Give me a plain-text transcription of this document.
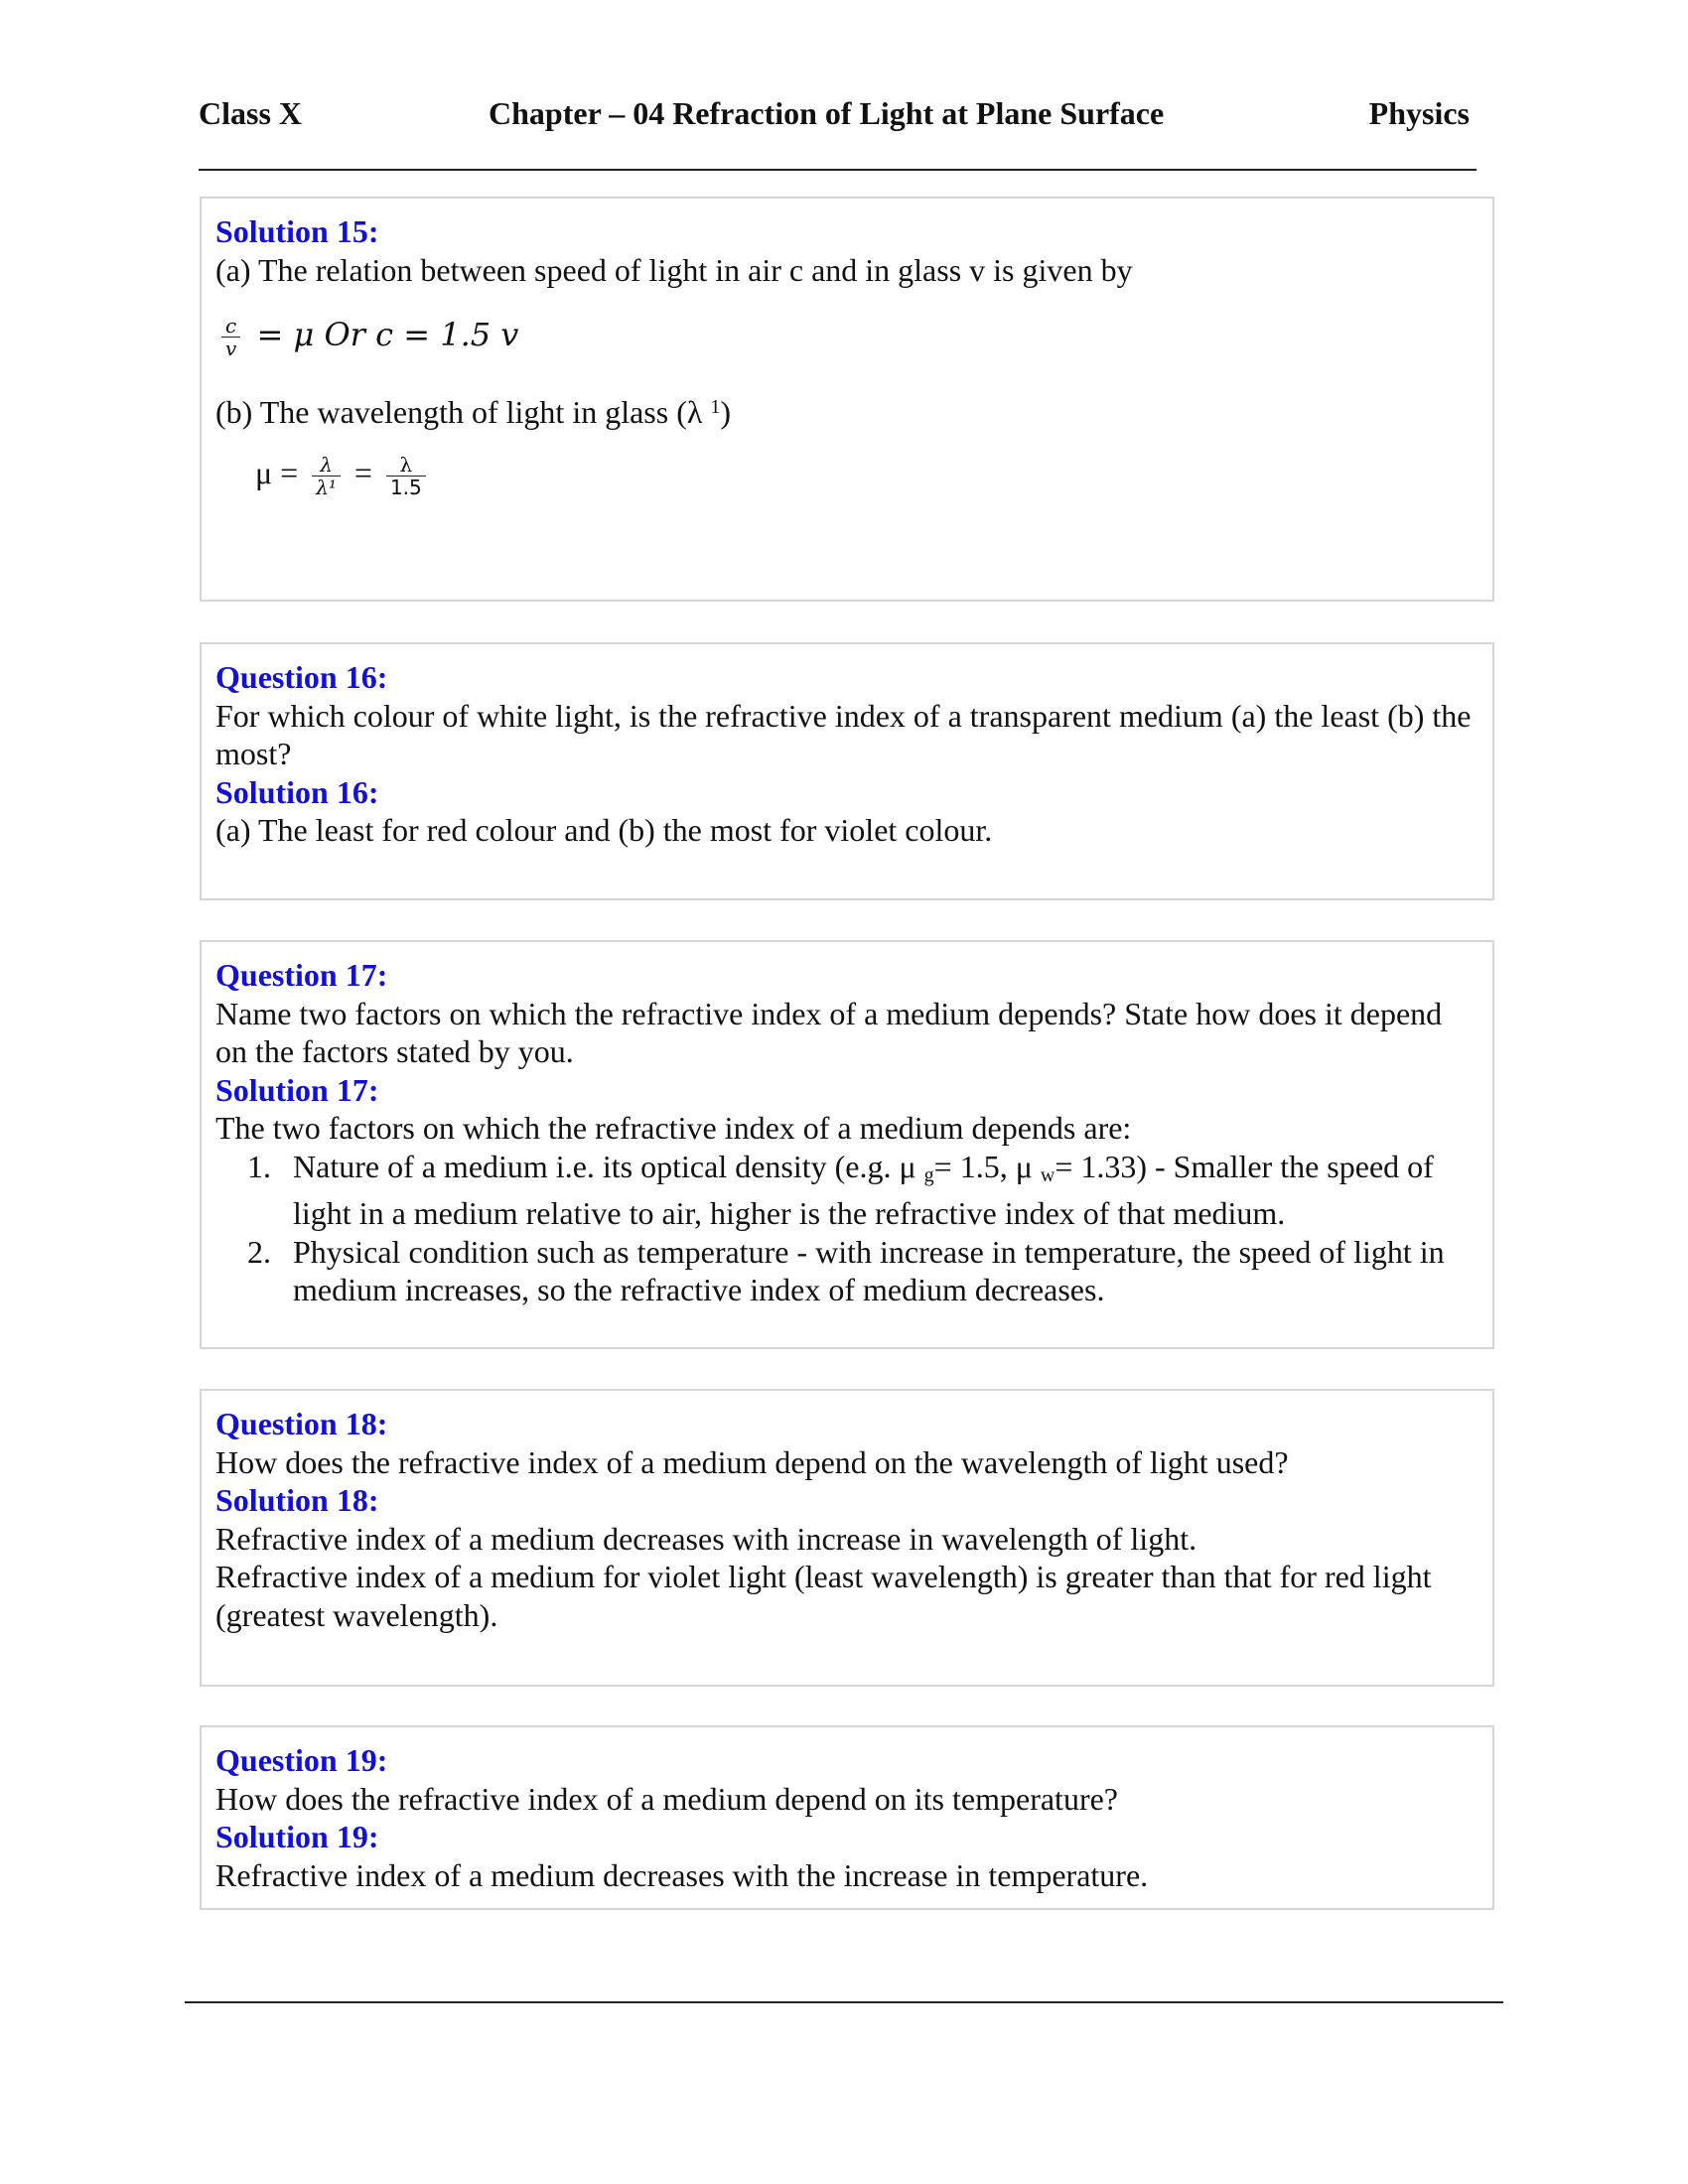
Class X	Chapter – 04 Refraction of Light at Plane Surface	Physics

Solution 15:

(a) The relation between speed of light in air c and in glass v is given by

$\frac{c}{v} = \mu$ Or c = 1.5 v

(b) The wavelength of light in glass (λ $^1$)

$\mu = \frac{\lambda}{\text{λ¹}} = \frac{\lambda}{1.5}$

Question 16:

For which colour of white light, is the refractive index of a transparent medium (a) the least (b) the most?

Solution 16:

(a) The least for red colour and (b) the most for violet colour.

Question 17:

Name two factors on which the refractive index of a medium depends? State how does it depend on the factors stated by you.

Solution 17:

The two factors on which the refractive index of a medium depends are:

1. Nature of a medium i.e. its optical density (e.g. μ $_g$= 1.5, μ $_w$= 1.33) - Smaller the speed of light in a medium relative to air, higher is the refractive index of that medium.
2. Physical condition such as temperature - with increase in temperature, the speed of light in medium increases, so the refractive index of medium decreases.

Question 18:

How does the refractive index of a medium depend on the wavelength of light used?

Solution 18:

Refractive index of a medium decreases with increase in wavelength of light.

Refractive index of a medium for violet light (least wavelength) is greater than that for red light (greatest wavelength).

Question 19:

How does the refractive index of a medium depend on its temperature?

Solution 19:

Refractive index of a medium decreases with the increase in temperature.
